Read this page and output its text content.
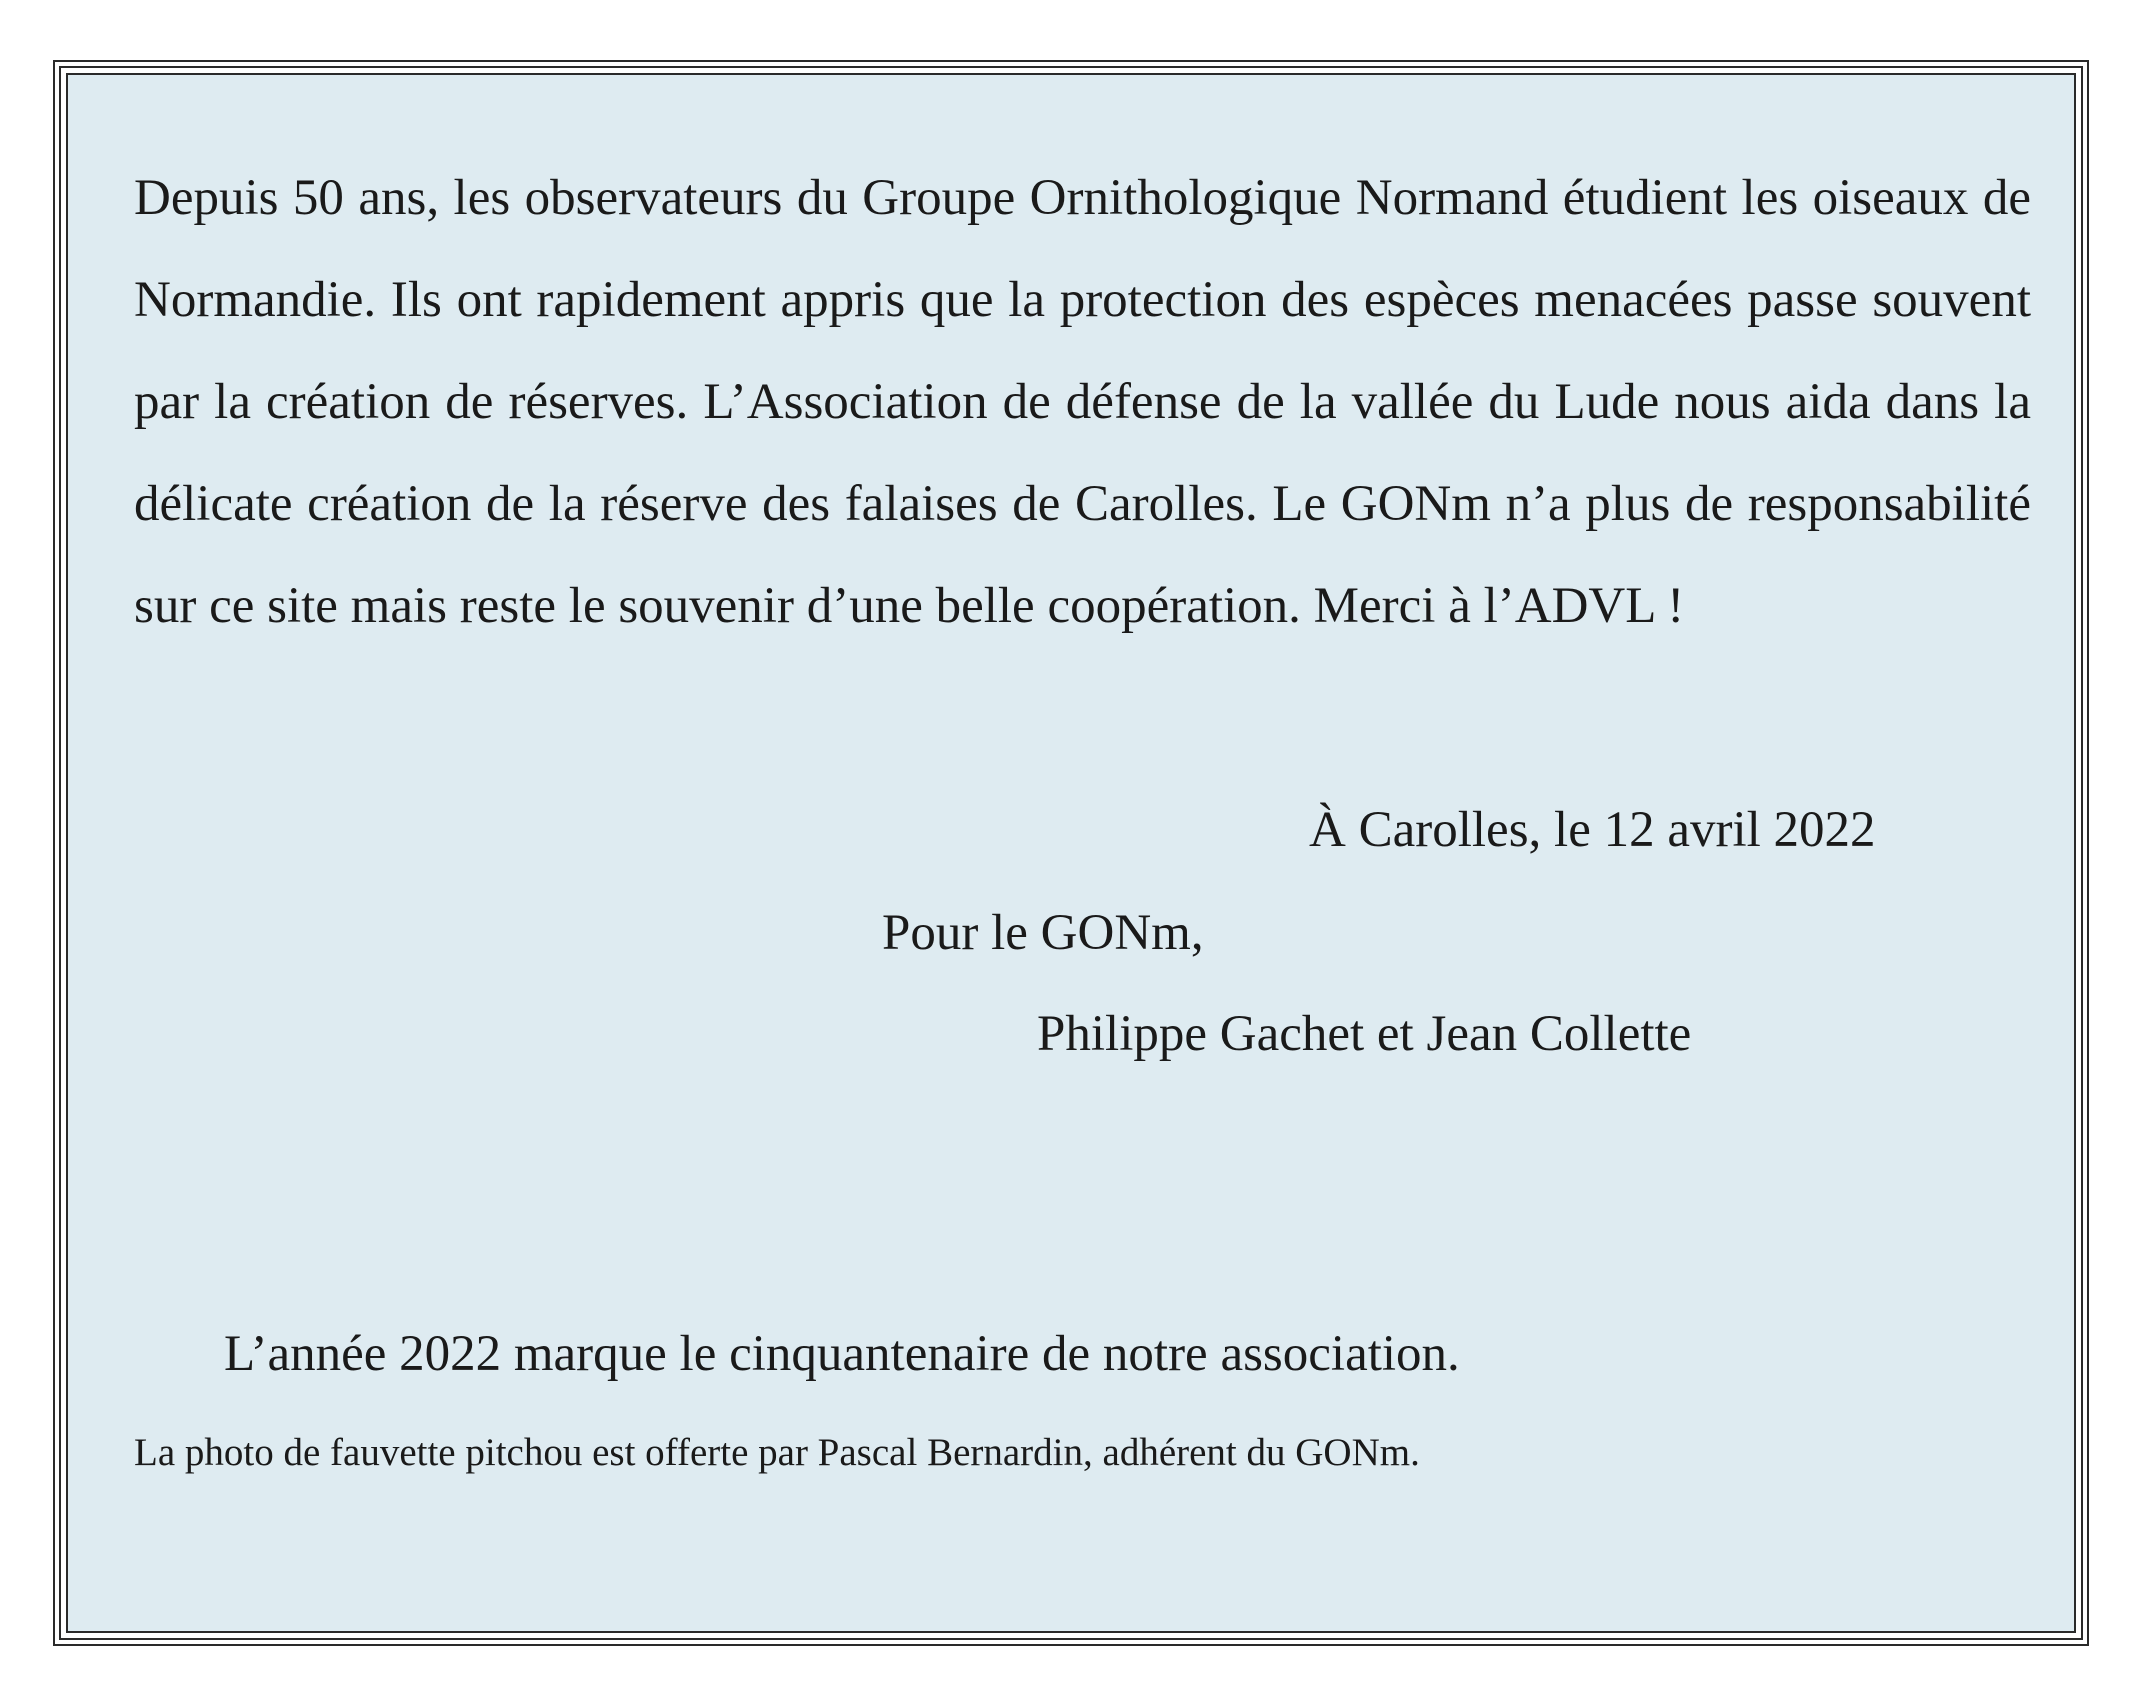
Depuis 50 ans, les observateurs du Groupe Ornithologique Normand étudient les oiseaux de Normandie. Ils ont rapidement appris que la protection des espèces menacées passe souvent par la création de réserves. L’Association de défense de la vallée du Lude nous aida dans la délicate création de la réserve des falaises de Carolles. Le GONm n’a plus de responsabilité sur ce site mais reste le souvenir d’une belle coopération. Merci à l’ADVL !

À Carolles, le 12 avril 2022
Pour le GONm,
Philippe Gachet et Jean Collette
L’année 2022 marque le cinquantenaire de notre association.
La photo de fauvette pitchou est offerte par Pascal Bernardin, adhérent du GONm.
